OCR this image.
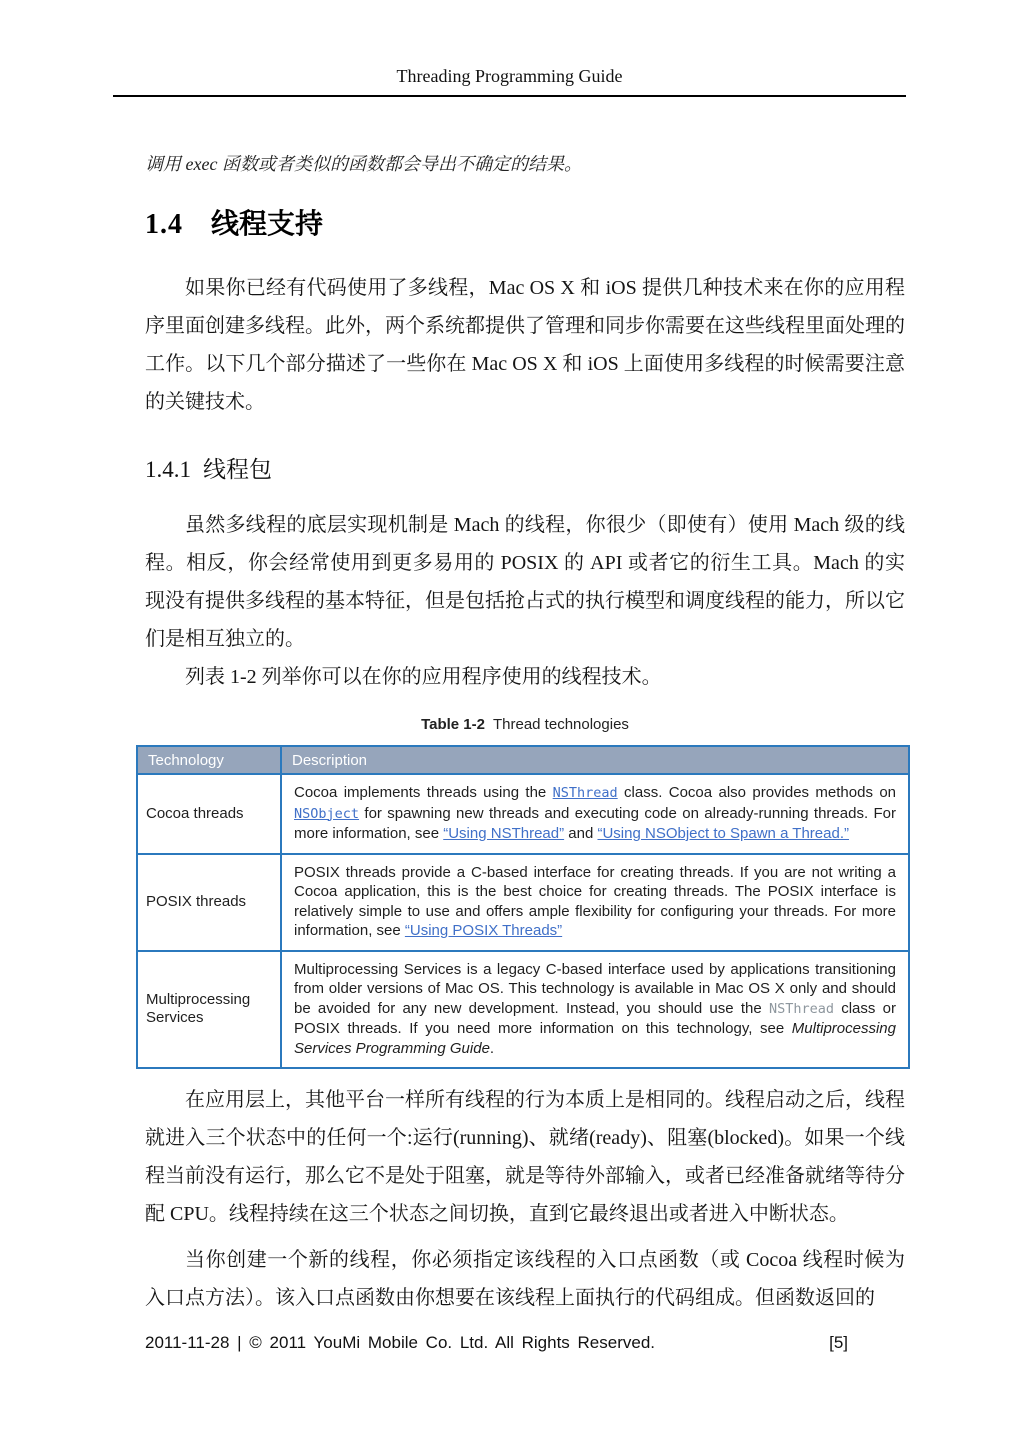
Threading Programming Guide

调用 exec 函数或者类似的函数都会导出不确定的结果。

1.4 线程支持

如果你已经有代码使用了多线程，Mac OS X 和 iOS 提供几种技术来在你的应用程序里面创建多线程。此外，两个系统都提供了管理和同步你需要在这些线程里面处理的工作。以下几个部分描述了一些你在 Mac OS X 和 iOS 上面使用多线程的时候需要注意的关键技术。

1.4.1 线程包

虽然多线程的底层实现机制是 Mach 的线程，你很少（即使有）使用 Mach 级的线程。相反，你会经常使用到更多易用的 POSIX 的 API 或者它的衍生工具。Mach 的实现没有提供多线程的基本特征，但是包括抢占式的执行模型和调度线程的能力，所以它们是相互独立的。

列表 1-2 列举你可以在你的应用程序使用的线程技术。

Table 1-2 Thread technologies
Technology	Description
Cocoa threads	Cocoa implements threads using the NSThread class. Cocoa also provides methods on NSObject for spawning new threads and executing code on already-running threads. For more information, see “Using NSThread” and “Using NSObject to Spawn a Thread.”
POSIX threads	POSIX threads provide a C-based interface for creating threads. If you are not writing a Cocoa application, this is the best choice for creating threads. The POSIX interface is relatively simple to use and offers ample flexibility for configuring your threads. For more information, see “Using POSIX Threads”
Multiprocessing Services	Multiprocessing Services is a legacy C-based interface used by applications transitioning from older versions of Mac OS. This technology is available in Mac OS X only and should be avoided for any new development. Instead, you should use the NSThread class or POSIX threads. If you need more information on this technology, see Multiprocessing Services Programming Guide.

在应用层上，其他平台一样所有线程的行为本质上是相同的。线程启动之后，线程就进入三个状态中的任何一个:运行(running)、就绪(ready)、阻塞(blocked)。如果一个线程当前没有运行，那么它不是处于阻塞，就是等待外部输入，或者已经准备就绪等待分配 CPU。线程持续在这三个状态之间切换，直到它最终退出或者进入中断状态。

当你创建一个新的线程，你必须指定该线程的入口点函数（或 Cocoa 线程时候为入口点方法）。该入口点函数由你想要在该线程上面执行的代码组成。但函数返回的

2011-11-28 | © 2011 YouMi Mobile Co. Ltd. All Rights Reserved.	[5]
